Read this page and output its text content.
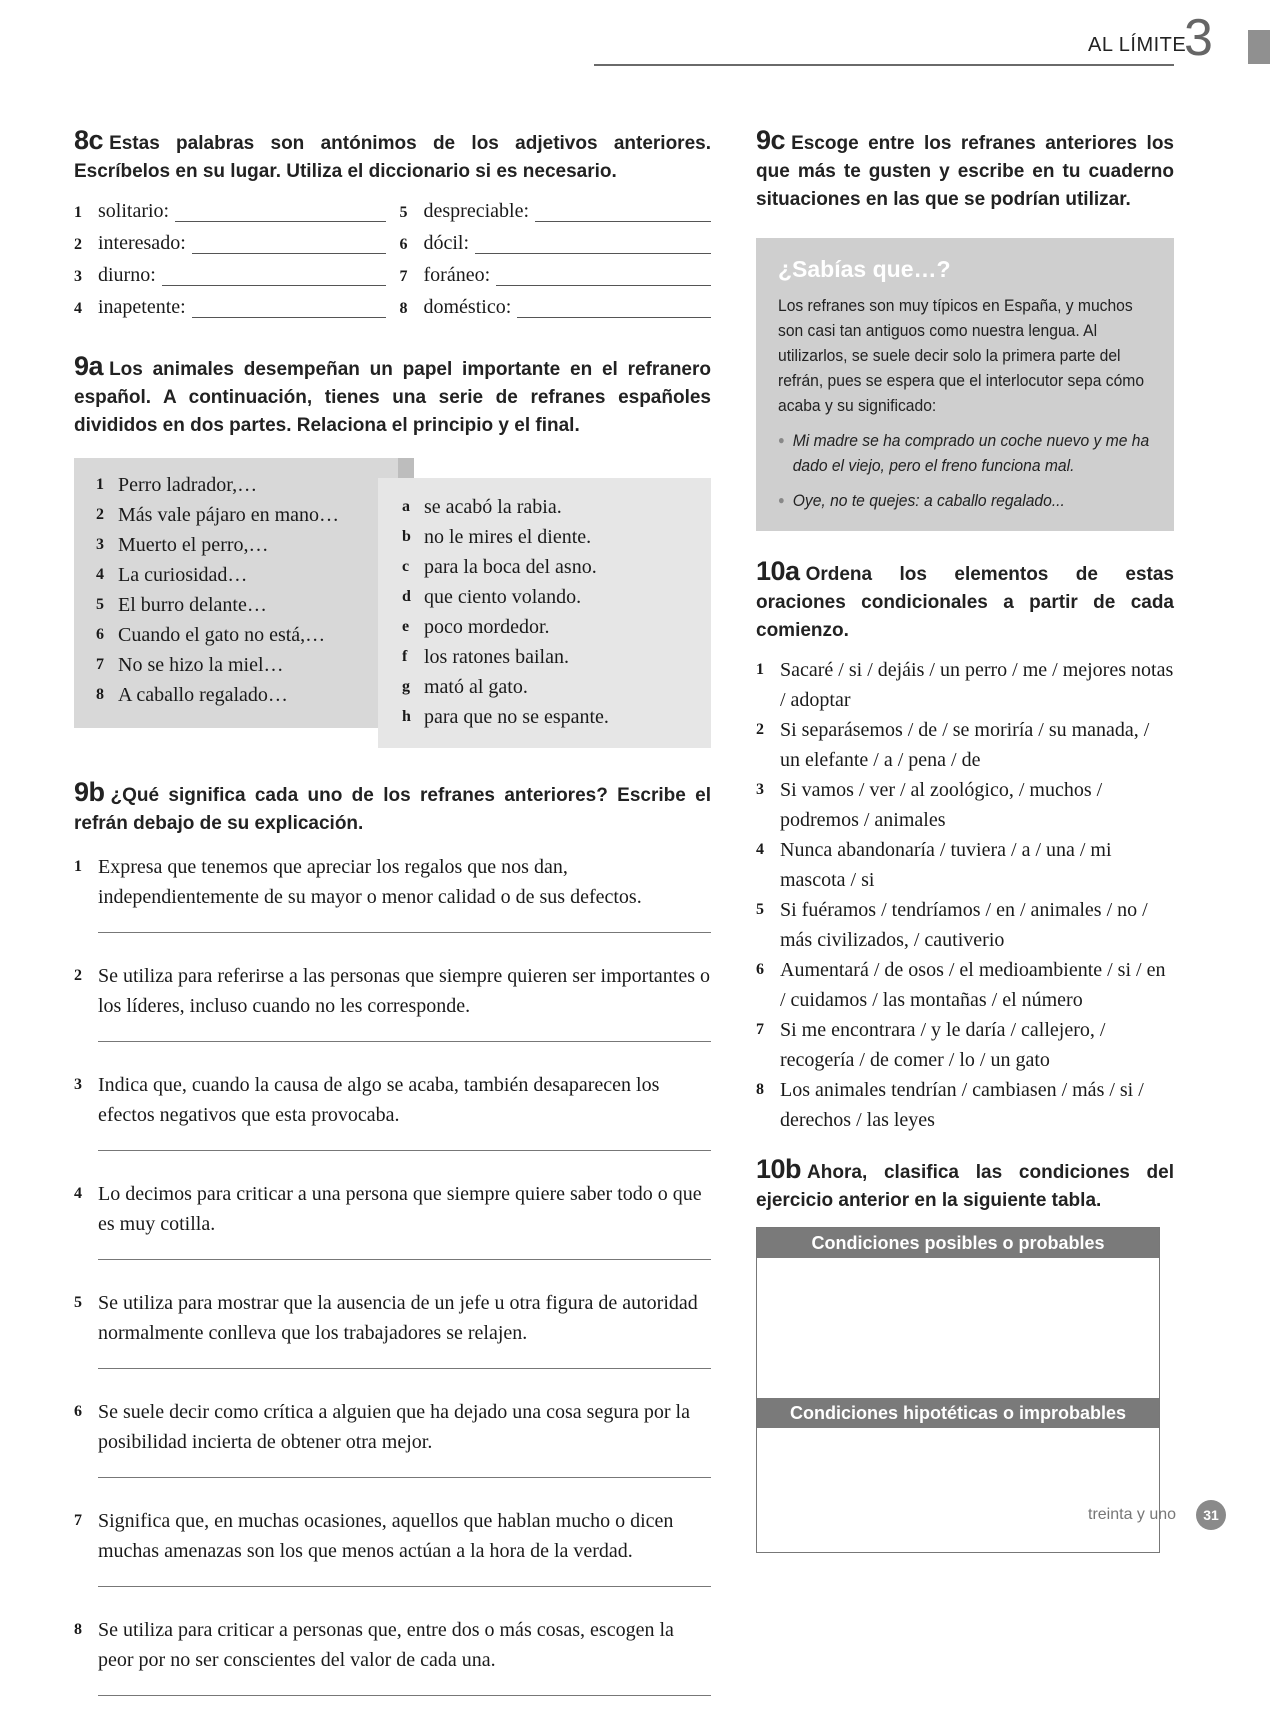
AL LÍMITE
3

8c Estas palabras son antónimos de los adjetivos anteriores. Escríbelos en su lugar. Utiliza el diccionario si es necesario.

1 solitario:	5 despreciable:
2 interesado:	6 dócil:
3 diurno:	7 foráneo:
4 inapetente:	8 doméstico:

9a Los animales desempeñan un papel importante en el refranero español. A continuación, tienes una serie de refranes españoles divididos en dos partes. Relaciona el principio y el final.

1 Perro ladrador,…
2 Más vale pájaro en mano…
3 Muerto el perro,…
4 La curiosidad…
5 El burro delante…
6 Cuando el gato no está,…
7 No se hizo la miel…
8 A caballo regalado…
a se acabó la rabia.
b no le mires el diente.
c para la boca del asno.
d que ciento volando.
e poco mordedor.
f los ratones bailan.
g mató al gato.
h para que no se espante.

9b ¿Qué significa cada uno de los refranes anteriores? Escribe el refrán debajo de su explicación.

1 Expresa que tenemos que apreciar los regalos que nos dan, independientemente de su mayor o menor calidad o de sus defectos.
2 Se utiliza para referirse a las personas que siempre quieren ser importantes o los líderes, incluso cuando no les corresponde.
3 Indica que, cuando la causa de algo se acaba, también desaparecen los efectos negativos que esta provocaba.
4 Lo decimos para criticar a una persona que siempre quiere saber todo o que es muy cotilla.
5 Se utiliza para mostrar que la ausencia de un jefe u otra figura de autoridad normalmente conlleva que los trabajadores se relajen.
6 Se suele decir como crítica a alguien que ha dejado una cosa segura por la posibilidad incierta de obtener otra mejor.
7 Significa que, en muchas ocasiones, aquellos que hablan mucho o dicen muchas amenazas son los que menos actúan a la hora de la verdad.
8 Se utiliza para criticar a personas que, entre dos o más cosas, escogen la peor por no ser conscientes del valor de cada una.

9c Escoge entre los refranes anteriores los que más te gusten y escribe en tu cuaderno situaciones en las que se podrían utilizar.

¿Sabías que…?
Los refranes son muy típicos en España, y muchos son casi tan antiguos como nuestra lengua. Al utilizarlos, se suele decir solo la primera parte del refrán, pues se espera que el interlocutor sepa cómo acaba y su significado:
● Mi madre se ha comprado un coche nuevo y me ha dado el viejo, pero el freno funciona mal.
● Oye, no te quejes: a caballo regalado...

10a Ordena los elementos de estas oraciones condicionales a partir de cada comienzo.

1 Sacaré / si / dejáis / un perro / me / mejores notas / adoptar
2 Si separásemos / de / se moriría / su manada, / un elefante / a / pena / de
3 Si vamos / ver / al zoológico, / muchos / podremos / animales
4 Nunca abandonaría / tuviera / a / una / mi mascota / si
5 Si fuéramos / tendríamos / en / animales / no / más civilizados, / cautiverio
6 Aumentará / de osos / el medioambiente / si / en / cuidamos / las montañas / el número
7 Si me encontrara / y le daría / callejero, / recogería / de comer / lo / un gato
8 Los animales tendrían / cambiasen / más / si / derechos / las leyes

10b Ahora, clasifica las condiciones del ejercicio anterior en la siguiente tabla.

Condiciones posibles o probables
Condiciones hipotéticas o improbables
treinta y uno	31
